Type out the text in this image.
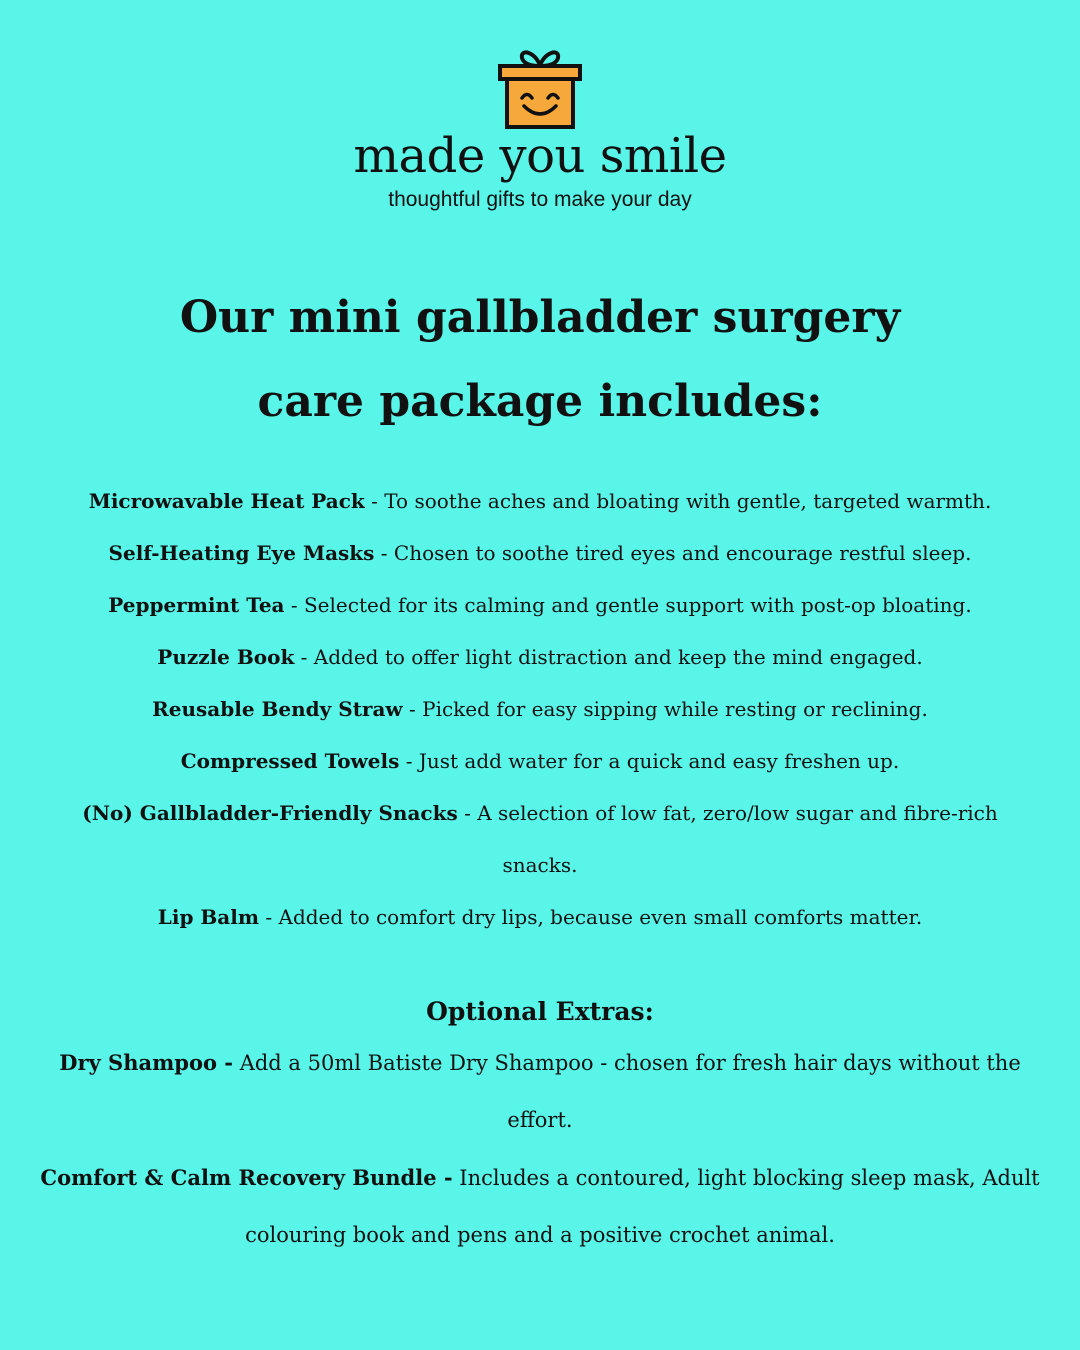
made you smile
thoughtful gifts to make your day
Our mini gallbladder surgery
care package includes:

Microwavable Heat Pack - To soothe aches and bloating with gentle, targeted warmth.

Self-Heating Eye Masks - Chosen to soothe tired eyes and encourage restful sleep.

Peppermint Tea - Selected for its calming and gentle support with post-op bloating.

Puzzle Book - Added to offer light distraction and keep the mind engaged.

Reusable Bendy Straw - Picked for easy sipping while resting or reclining.

Compressed Towels - Just add water for a quick and easy freshen up.

(No) Gallbladder-Friendly Snacks - A selection of low fat, zero/low sugar and fibre-rich snacks.

Lip Balm - Added to comfort dry lips, because even small comforts matter.

Optional Extras:

Dry Shampoo - Add a 50ml Batiste Dry Shampoo - chosen for fresh hair days without the effort.

Comfort & Calm Recovery Bundle - Includes a contoured, light blocking sleep mask, Adult colouring book and pens and a positive crochet animal.
